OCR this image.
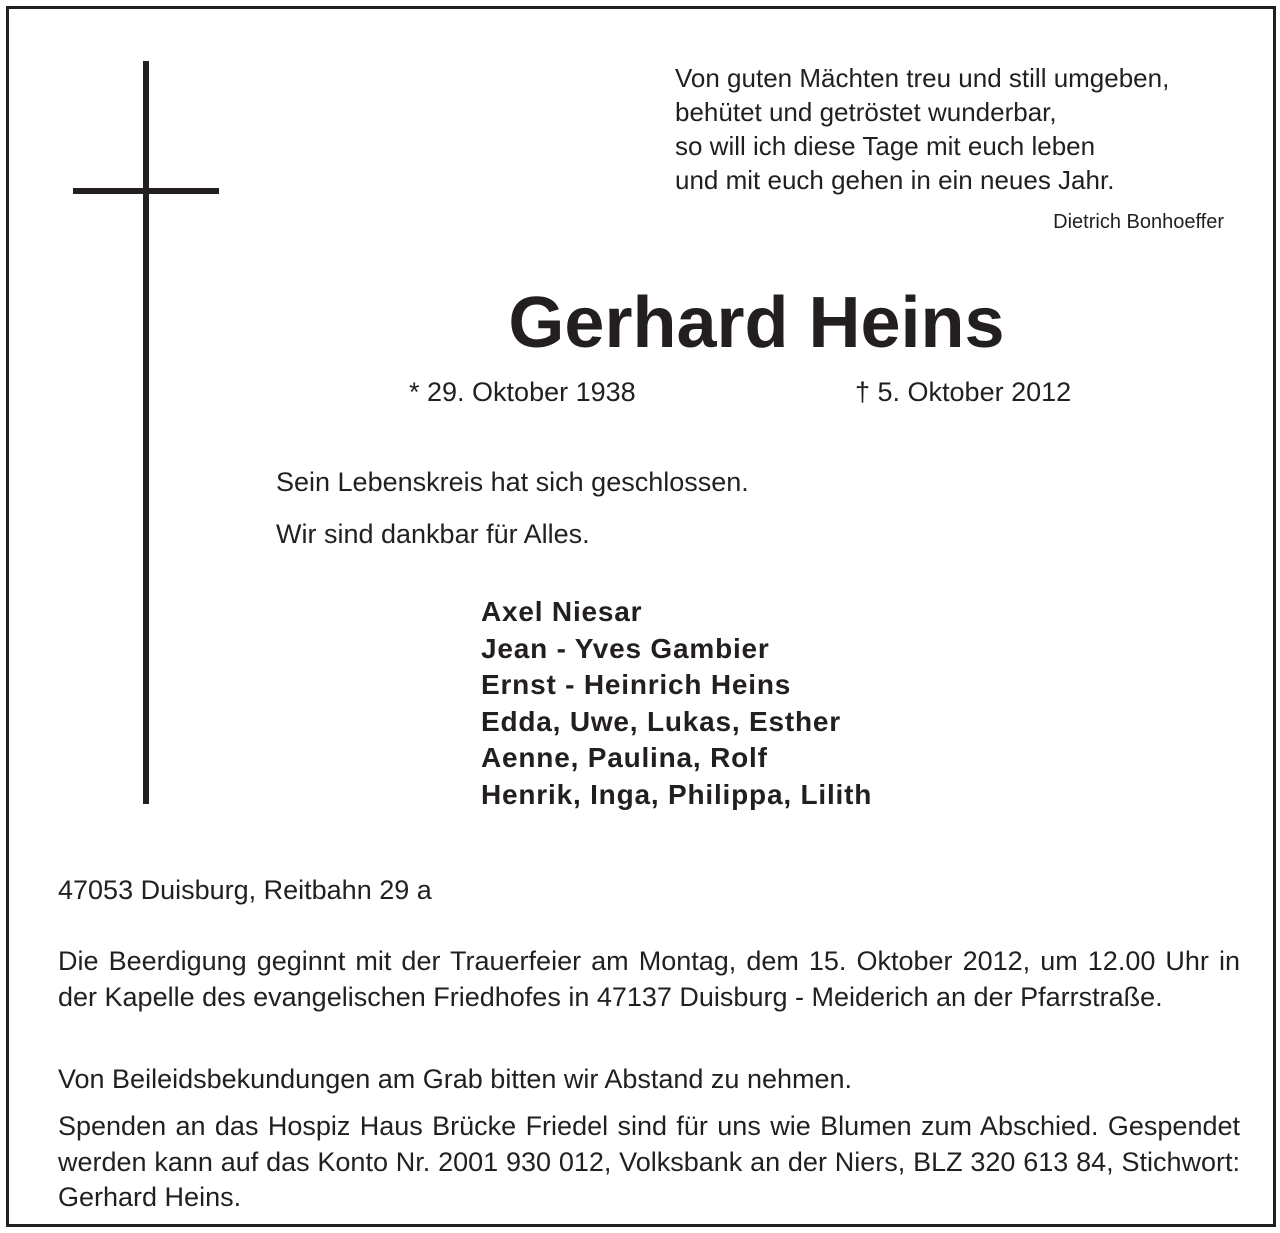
Von guten Mächten treu und still umgeben,
behütet und getröstet wunderbar,
so will ich diese Tage mit euch leben
und mit euch gehen in ein neues Jahr.
Dietrich Bonhoeffer
Gerhard Heins
* 29. Oktober 1938	† 5. Oktober 2012
Sein Lebenskreis hat sich geschlossen.
Wir sind dankbar für Alles.
Axel Niesar
Jean - Yves Gambier
Ernst - Heinrich Heins
Edda, Uwe, Lukas, Esther
Aenne, Paulina, Rolf
Henrik, Inga, Philippa, Lilith
47053 Duisburg, Reitbahn 29 a
Die Beerdigung geginnt mit der Trauerfeier am Montag, dem 15. Oktober 2012, um 12.00 Uhr in der Kapelle des evangelischen Friedhofes in 47137 Duisburg - Meiderich an der Pfarrstraße.
Von Beileidsbekundungen am Grab bitten wir Abstand zu nehmen.
Spenden an das Hospiz Haus Brücke Friedel sind für uns wie Blumen zum Abschied. Gespendet werden kann auf das Konto Nr. 2001 930 012, Volksbank an der Niers, BLZ 320 613 84, Stichwort: Gerhard Heins.
